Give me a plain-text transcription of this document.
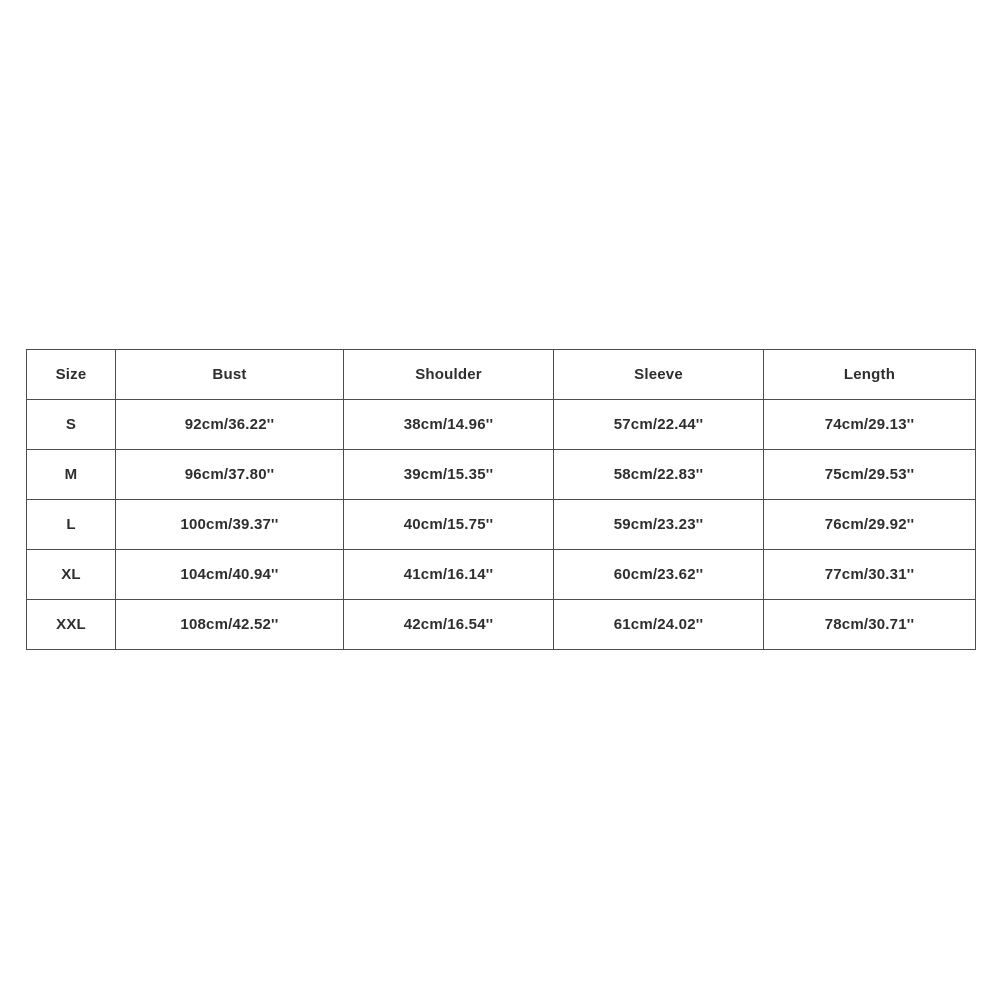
Size	Bust	Shoulder	Sleeve	Length
S	92cm/36.22''	38cm/14.96''	57cm/22.44''	74cm/29.13''
M	96cm/37.80''	39cm/15.35''	58cm/22.83''	75cm/29.53''
L	100cm/39.37''	40cm/15.75''	59cm/23.23''	76cm/29.92''
XL	104cm/40.94''	41cm/16.14''	60cm/23.62''	77cm/30.31''
XXL	108cm/42.52''	42cm/16.54''	61cm/24.02''	78cm/30.71''
